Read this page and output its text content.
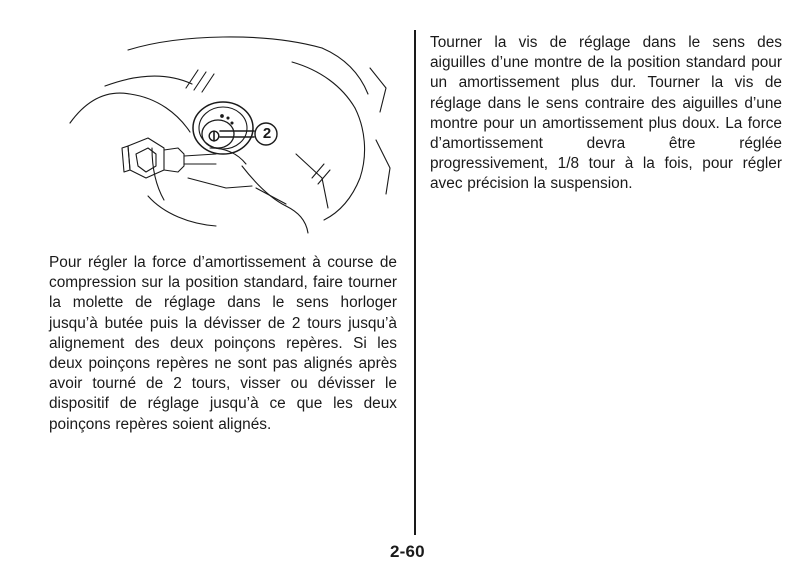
2

Pour régler la force d’amortissement à course de compression sur la position standard, faire tourner la molette de réglage dans le sens horloger jusqu’à butée puis la dévisser de 2 tours jusqu’à alignement des deux poinçons repères. Si les deux poinçons repères ne sont pas alignés après avoir tourné de 2 tours, visser ou dévisser le dispositif de réglage jusqu’à ce que les deux poinçons repères soient alignés.

Tourner la vis de réglage dans le sens des aiguilles d’une montre de la position standard pour un amortissement plus dur. Tourner la vis de réglage dans le sens contraire des aiguilles d’une montre pour un amortissement plus doux. La force d’amortissement devra être réglée progressivement, 1/8 tour à la fois, pour régler avec précision la suspension.

2-60
